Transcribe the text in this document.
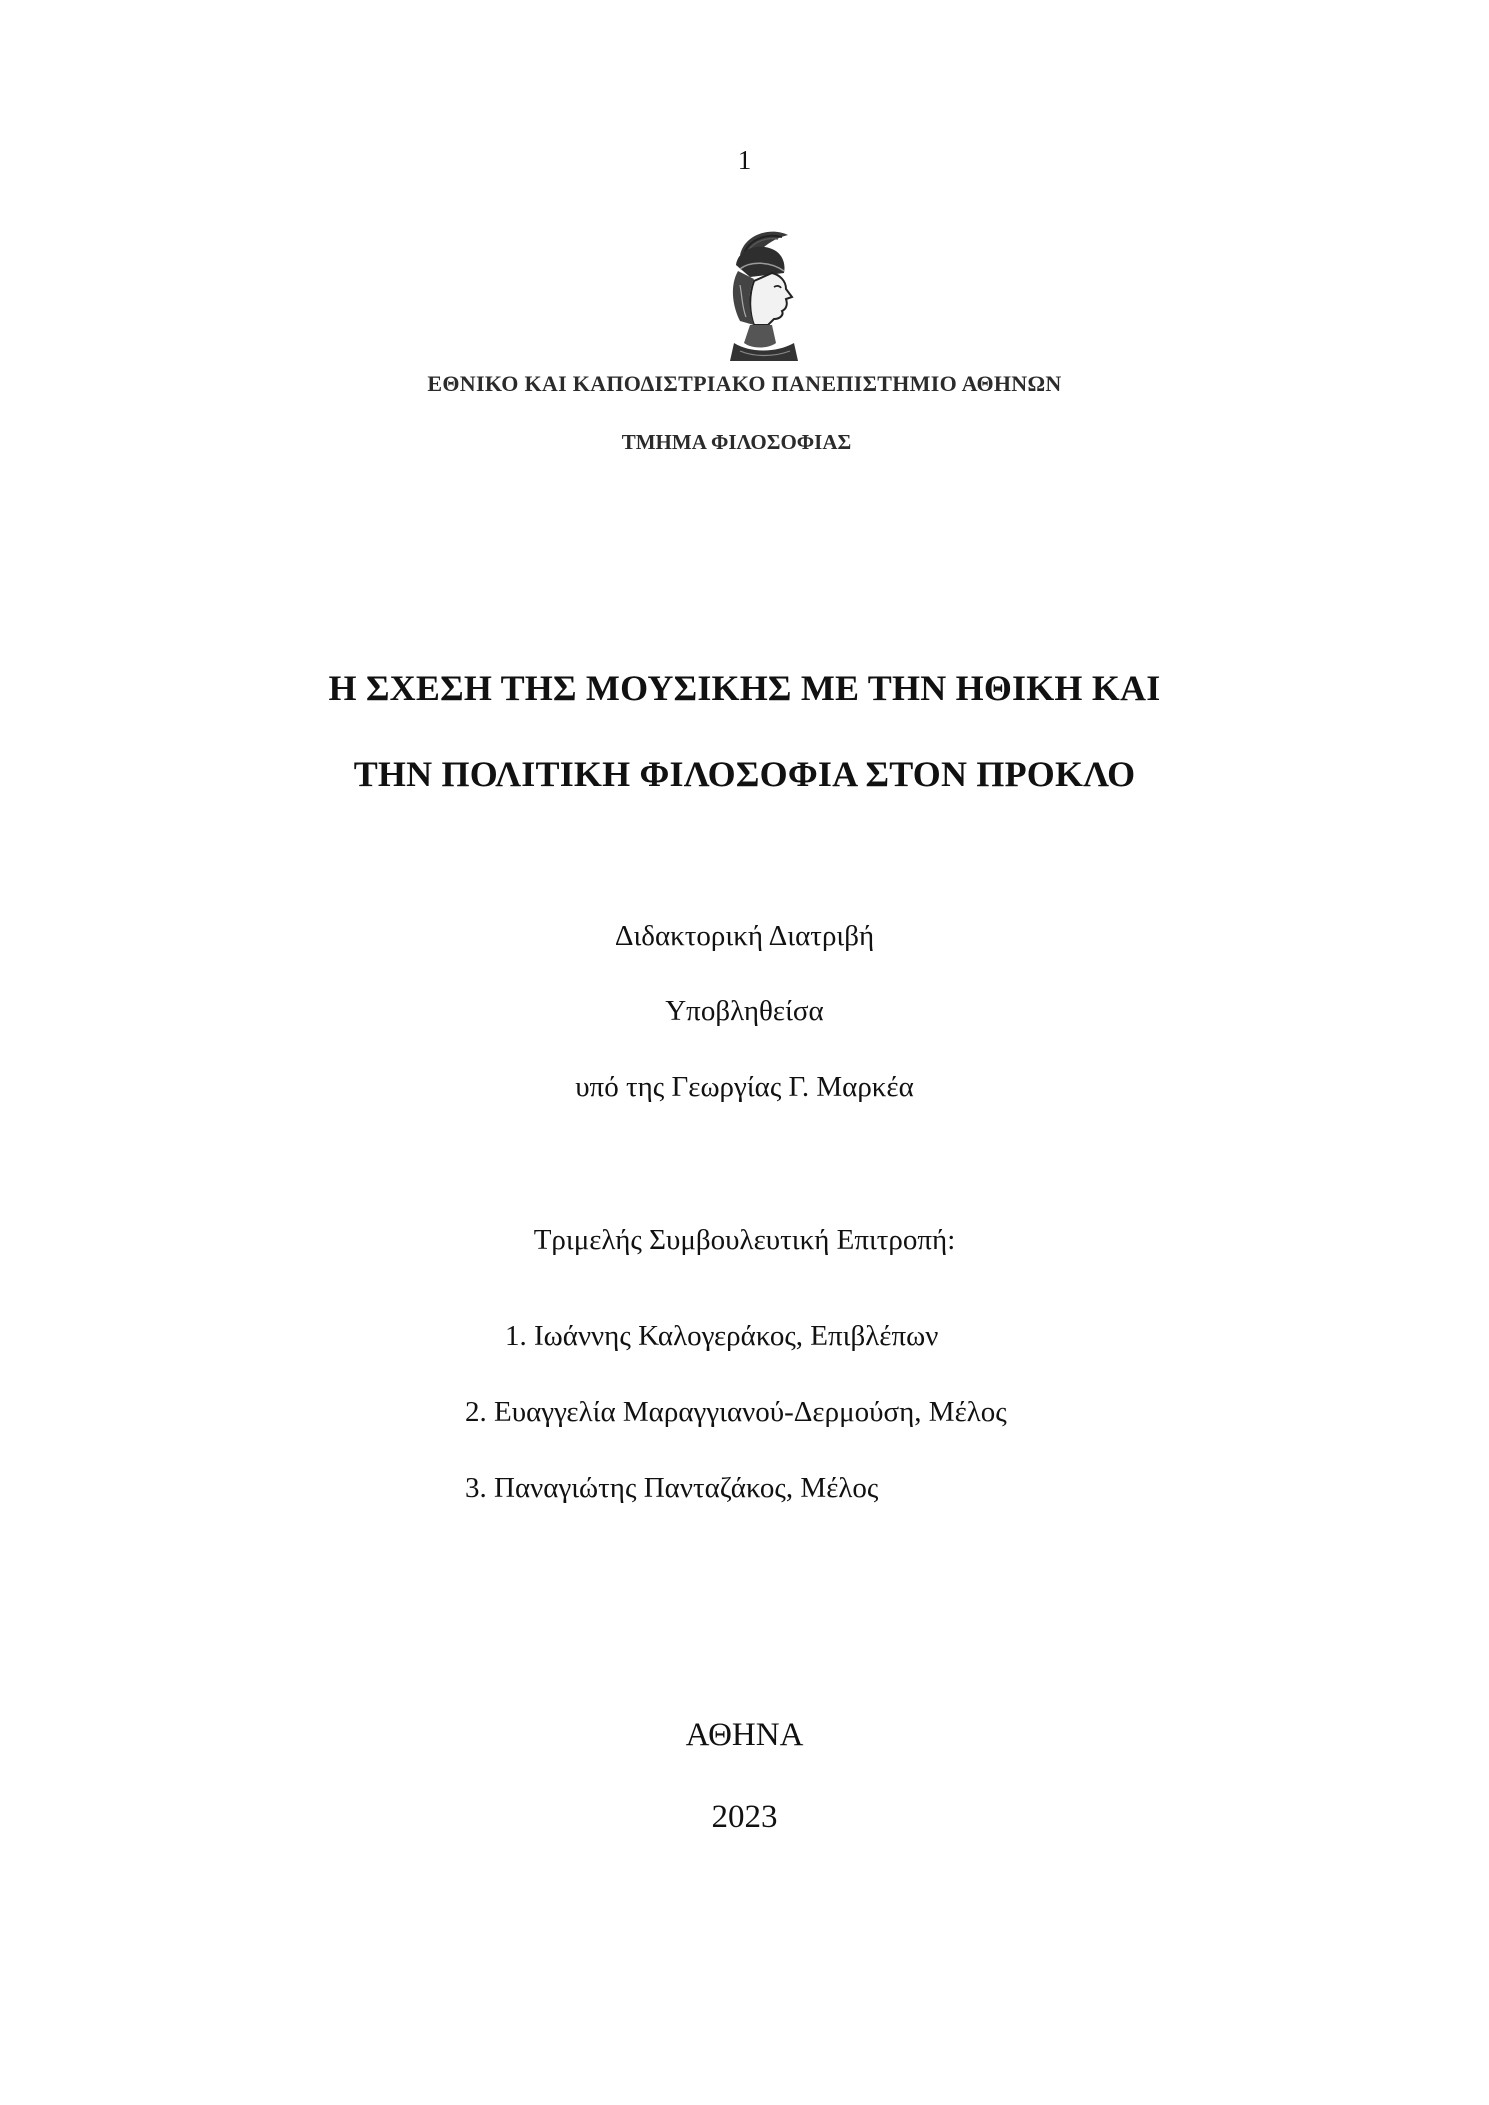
1
ΕΘΝΙΚΟ ΚΑΙ ΚΑΠΟΔΙΣΤΡΙΑΚΟ ΠΑΝΕΠΙΣΤΗΜΙΟ ΑΘΗΝΩΝ
ΤΜΗΜΑ ΦΙΛΟΣΟΦΙΑΣ
Η ΣΧΕΣΗ ΤΗΣ ΜΟΥΣΙΚΗΣ ΜΕ ΤΗΝ ΗΘΙΚΗ ΚΑΙ
ΤΗΝ ΠΟΛΙΤΙΚΗ ΦΙΛΟΣΟΦΙΑ ΣΤΟΝ ΠΡΟΚΛΟ
Διδακτορική Διατριβή
Υποβληθείσα
υπό της Γεωργίας Γ. Μαρκέα
Τριμελής Συμβουλευτική Επιτροπή:
1. Ιωάννης Καλογεράκος, Επιβλέπων
2. Ευαγγελία Μαραγγιανού-Δερμούση, Μέλος
3. Παναγιώτης Πανταζάκος, Μέλος
ΑΘΗΝΑ
2023
